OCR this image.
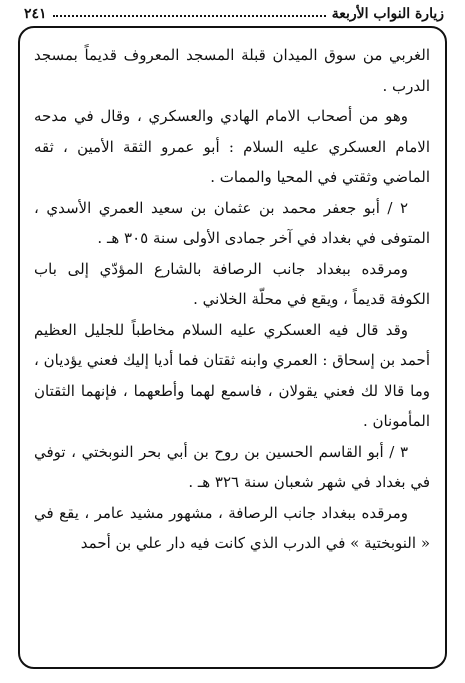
زيارة النواب الأربعة
٢٤١

الغربي من سوق الميدان قبلة المسجد المعروف قديماً بمسجد الدرب .

وهو من أصحاب الامام الهادي والعسكري ، وقال في مدحه الامام العسكري عليه السلام : أبو عمرو الثقة الأمين ، ثقه الماضي وثقتي في المحيا والممات .

٢ / أبو جعفر محمد بن عثمان بن سعيد العمري الأسدي ، المتوفى في بغداد في آخر جمادى الأولى سنة ٣٠٥ هـ .

ومرقده ببغداد جانب الرصافة بالشارع المؤدّي إلى باب الكوفة قديماً ، ويقع في محلّة الخلاني .

وقد قال فيه العسكري عليه السلام مخاطباً للجليل العظيم أحمد بن إسحاق : العمري وابنه ثقتان فما أديا إليك فعني يؤديان ، وما قالا لك فعني يقولان ، فاسمع لهما وأطعهما ، فإنهما الثقتان المأمونان .

٣ / أبو القاسم الحسين بن روح بن أبي بحر النوبختي ، توفي في بغداد في شهر شعبان سنة ٣٢٦ هـ .

ومرقده ببغداد جانب الرصافة ، مشهور مشيد عامر ، يقع في « النوبختية » في الدرب الذي كانت فيه دار علي بن أحمد
